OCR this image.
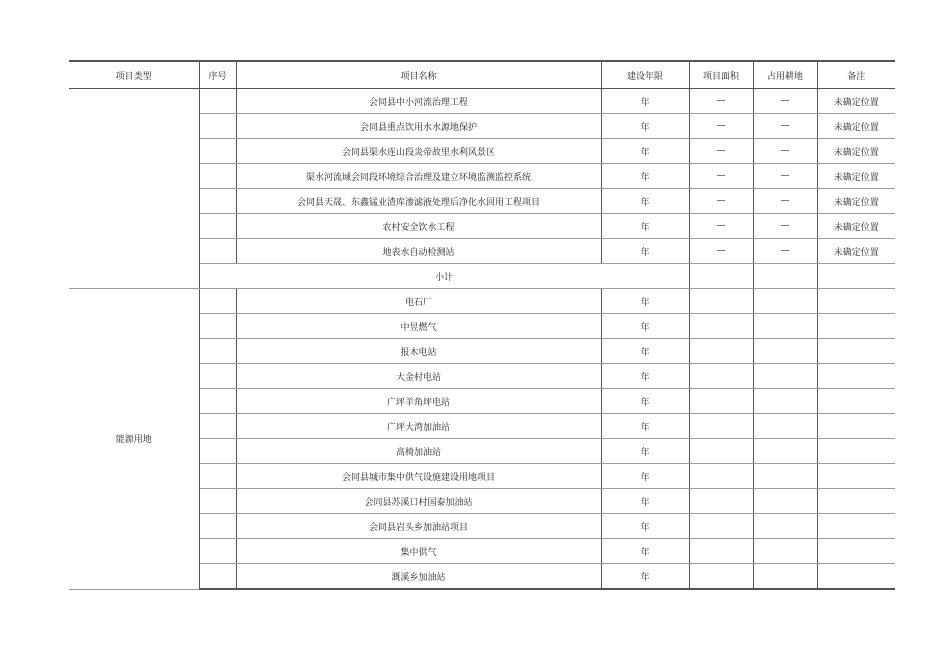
项目类型	序号	项目名称	建设年限	项目面积	占用耕地	备注
		会同县中小河流治理工程	年	—	—	未确定位置
		会同县重点饮用水水源地保护	年	—	—	未确定位置
		会同县渠水连山段炎帝故里水利风景区	年	—	—	未确定位置
		渠水河流域会同段环境综合治理及建立环境监测监控系统	年	—	—	未确定位置
		会同县天晟、东鑫锰业渣库渗滤液处理后净化水回用工程项目	年	—	—	未确定位置
		农村安全饮水工程	年	—	—	未确定位置
		地表水自动检测站	年	—	—	未确定位置
	小计					
能源用地		电石厂	年			
		中昱燃气	年			
		报木电站	年			
		大金村电站	年			
		广坪羊角坪电站	年			
		广坪大湾加油站	年			
		高椅加油站	年			
		会同县城市集中供气设施建设用地项目	年			
		会同县苏溪口村国泰加油站	年			
		会同县岩头乡加油站项目	年			
		集中供气	年			
		溉溪乡加油站	年			
